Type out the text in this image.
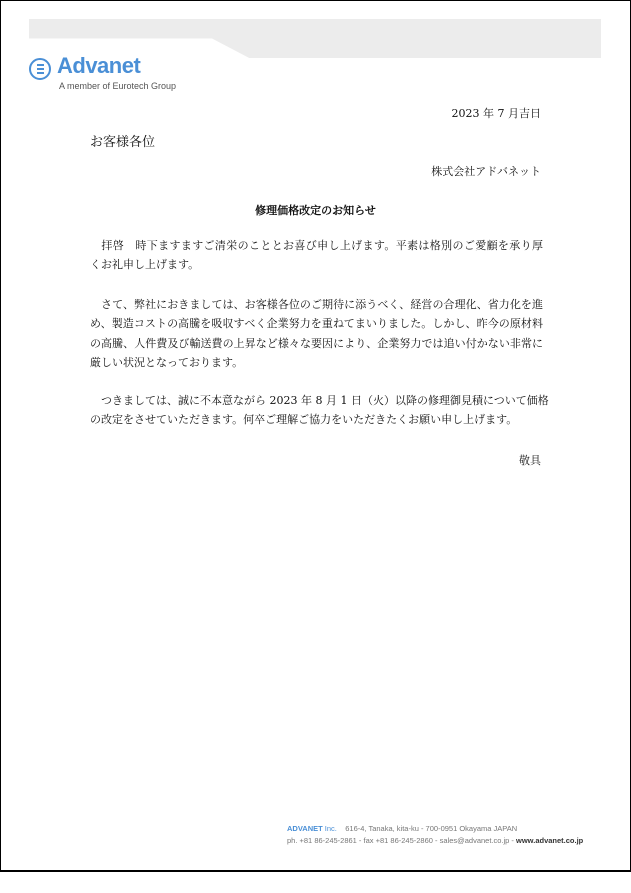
Advanet
A member of Eurotech Group
2023 年 7 月吉日
お客様各位
株式会社アドバネット
修理価格改定のお知らせ
　拝啓　時下ますますご清栄のこととお喜び申し上げます。平素は格別のご愛顧を承り厚
くお礼申し上げます。
　さて、弊社におきましては、お客様各位のご期待に添うべく、経営の合理化、省力化を進
め、製造コストの高騰を吸収すべく企業努力を重ねてまいりました。しかし、昨今の原材料
の高騰、人件費及び輸送費の上昇など様々な要因により、企業努力では追い付かない非常に
厳しい状況となっております。
　つきましては、誠に不本意ながら 2023 年 8 月 1 日（火）以降の修理御見積について価格
の改定をさせていただきます。何卒ご理解ご協力をいただきたくお願い申し上げます。
敬具
ADVANET Inc. 616-4, Tanaka, kita-ku - 700-0951 Okayama JAPAN
ph. +81 86-245-2861 - fax +81 86-245-2860 - sales@advanet.co.jp - www.advanet.co.jp
